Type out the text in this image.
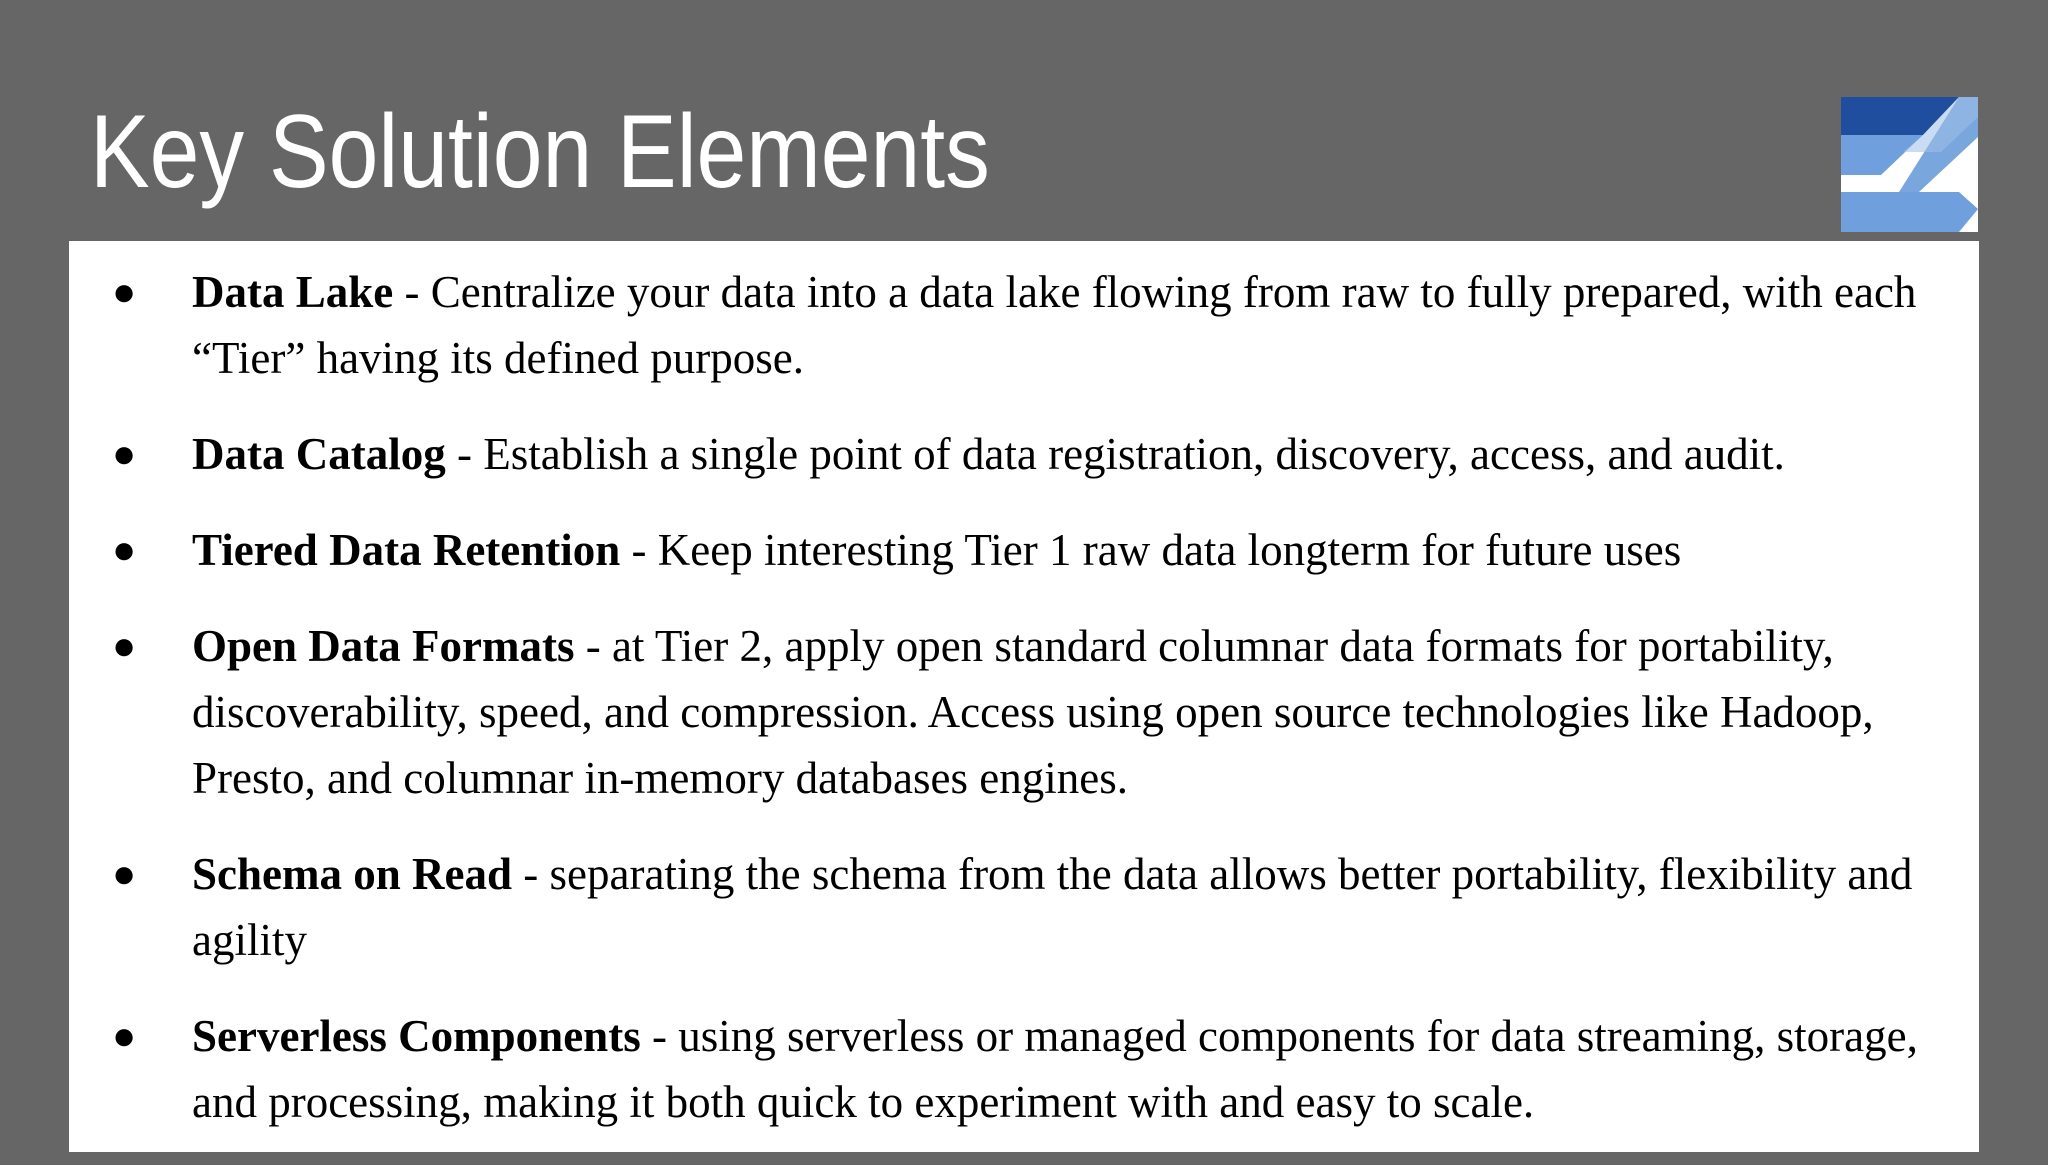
Key Solution Elements
● Data Lake - Centralize your data into a data lake flowing from raw to fully prepared, with each “Tier” having its defined purpose.
● Data Catalog - Establish a single point of data registration, discovery, access, and audit.
● Tiered Data Retention - Keep interesting Tier 1 raw data longterm for future uses
● Open Data Formats - at Tier 2, apply open standard columnar data formats for portability, discoverability, speed, and compression. Access using open source technologies like Hadoop, Presto, and columnar in-memory databases engines.
● Schema on Read - separating the schema from the data allows better portability, flexibility and agility
● Serverless Components - using serverless or managed components for data streaming, storage, and processing, making it both quick to experiment with and easy to scale.
